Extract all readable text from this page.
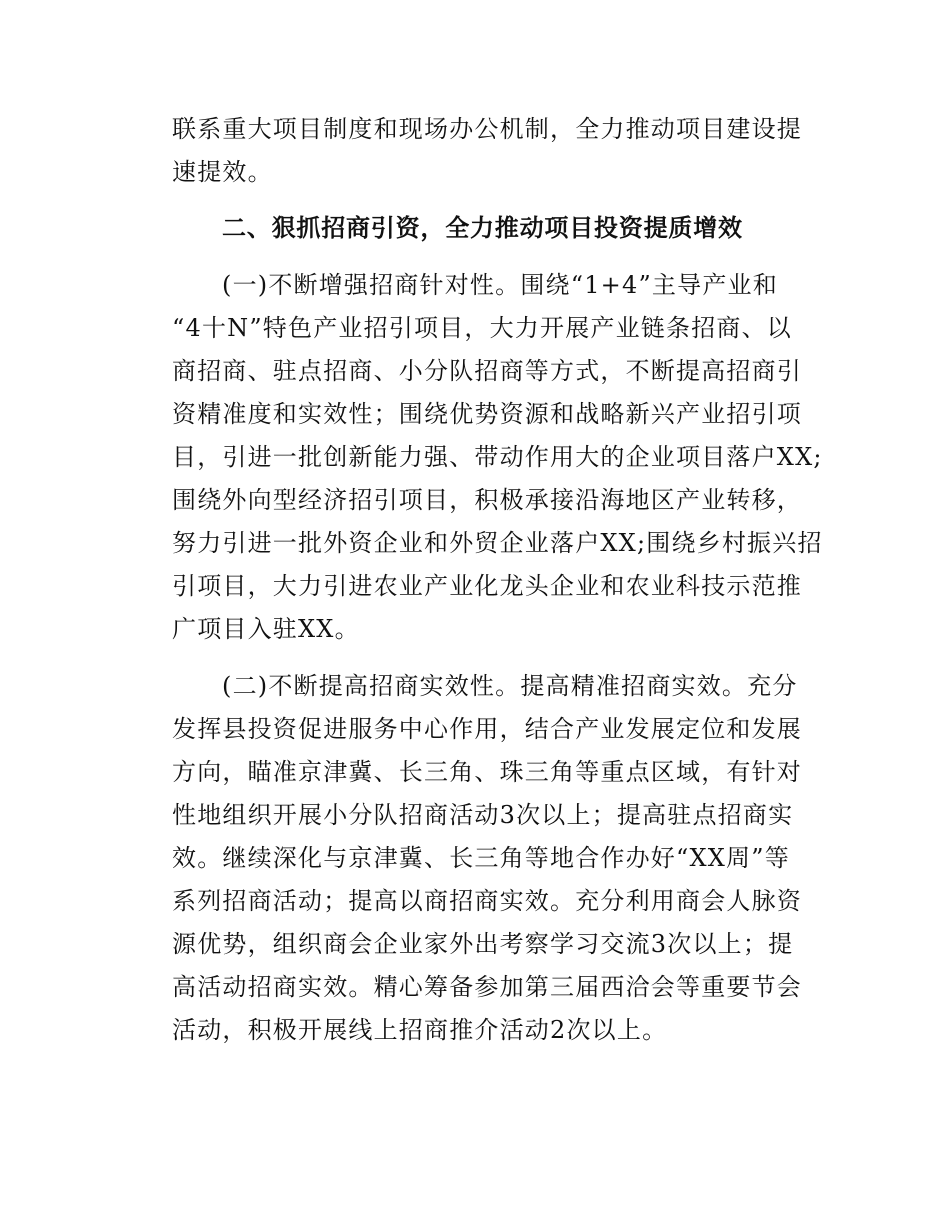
联系重大项目制度和现场办公机制，全力推动项目建设提
速提效。
二、狠抓招商引资，全力推动项目投资提质增效
(一)不断增强招商针对性。围绕“1+4”主导产业和
“4十N”特色产业招引项目，大力开展产业链条招商、以
商招商、驻点招商、小分队招商等方式，不断提高招商引
资精准度和实效性；围绕优势资源和战略新兴产业招引项
目，引进一批创新能力强、带动作用大的企业项目落户XX;
围绕外向型经济招引项目，积极承接沿海地区产业转移，
努力引进一批外资企业和外贸企业落户XX;围绕乡村振兴招
引项目，大力引进农业产业化龙头企业和农业科技示范推
广项目入驻XX。
(二)不断提高招商实效性。提高精准招商实效。充分
发挥县投资促进服务中心作用，结合产业发展定位和发展
方向，瞄准京津冀、长三角、珠三角等重点区域，有针对
性地组织开展小分队招商活动3次以上；提高驻点招商实
效。继续深化与京津冀、长三角等地合作办好“XX周”等
系列招商活动；提高以商招商实效。充分利用商会人脉资
源优势，组织商会企业家外出考察学习交流3次以上；提
高活动招商实效。精心筹备参加第三届西洽会等重要节会
活动，积极开展线上招商推介活动2次以上。
